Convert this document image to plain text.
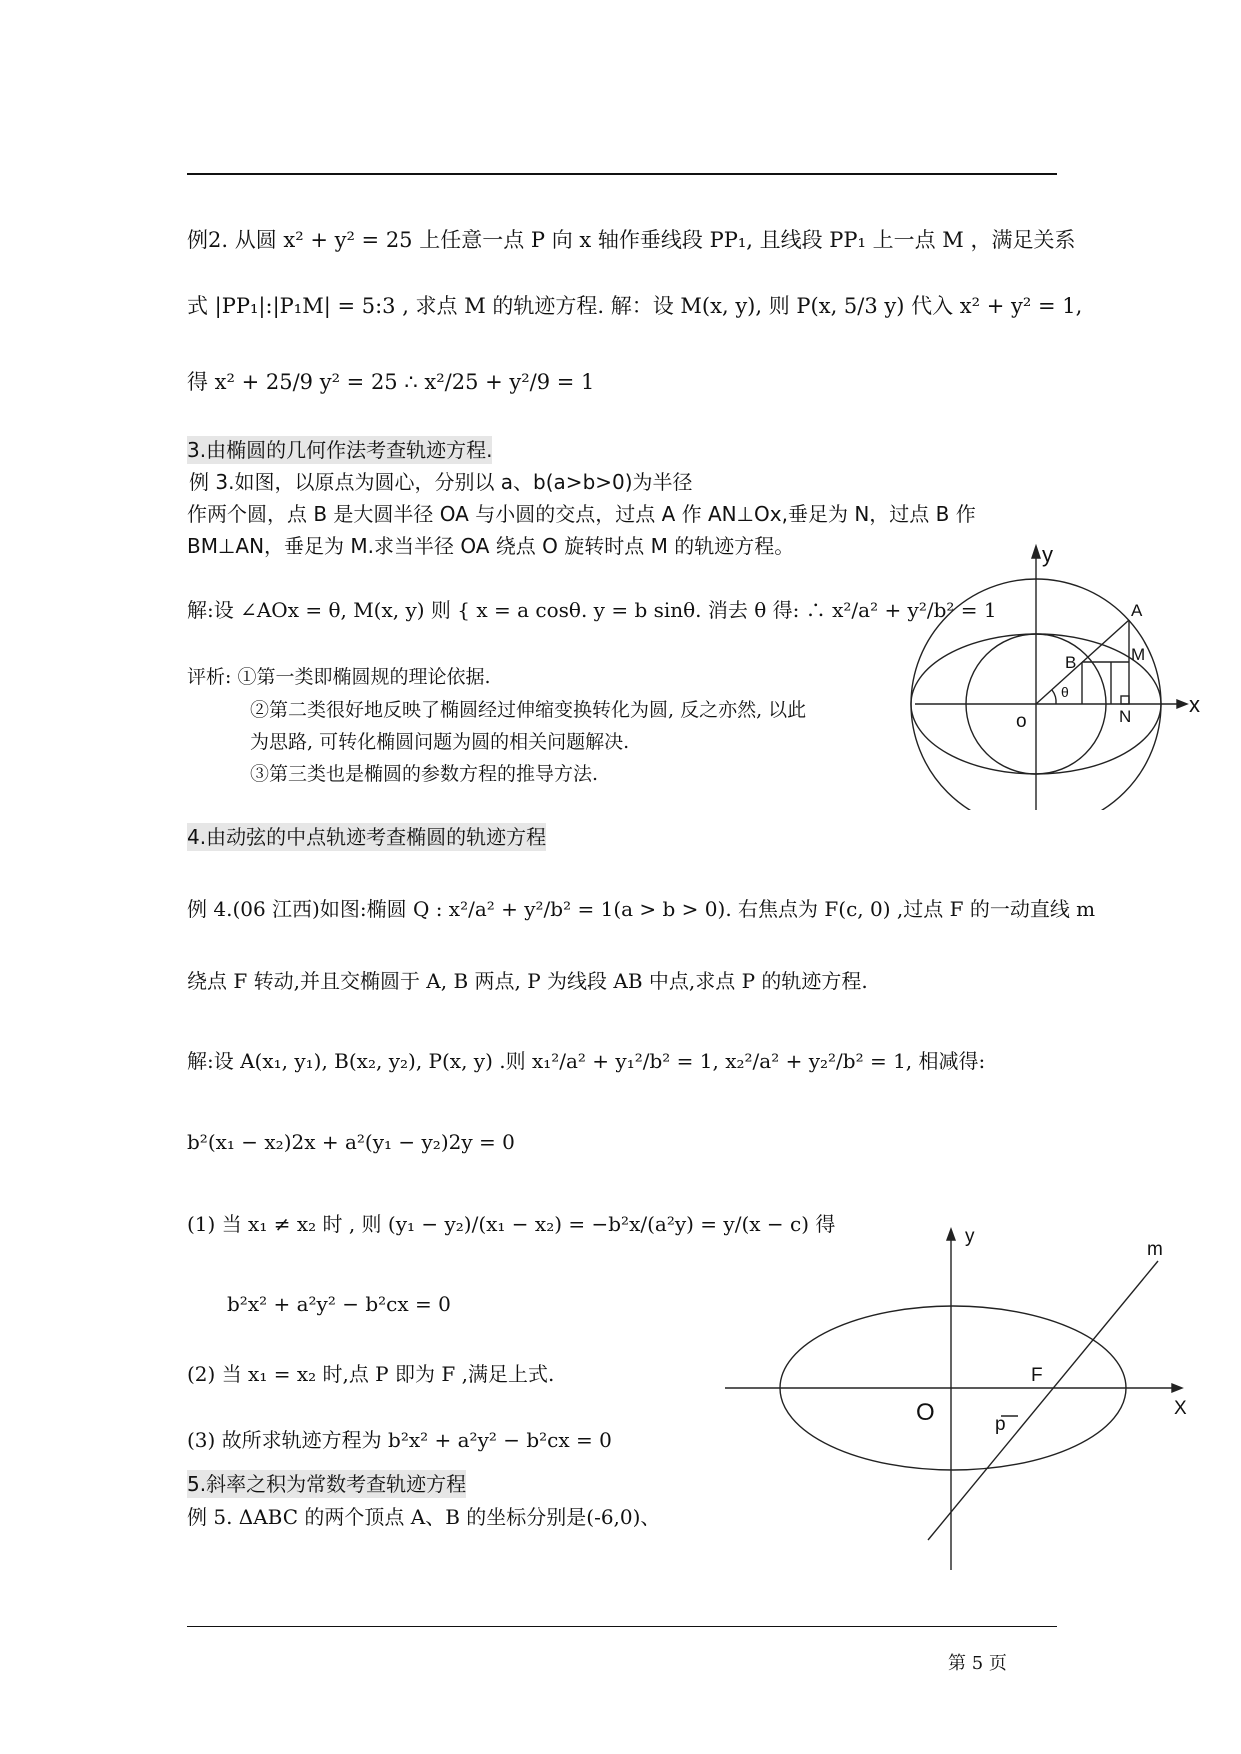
例2. 从圆 x² + y² = 25 上任意一点 P 向 x 轴作垂线段 PP₁, 且线段 PP₁ 上一点 M ，满足关系
式 |PP₁|:|P₁M| = 5:3 , 求点 M 的轨迹方程. 解：设 M(x, y), 则 P(x, 5/3 y) 代入 x² + y² = 1,
得 x² + 25/9 y² = 25 ∴ x²/25 + y²/9 = 1
3.由椭圆的几何作法考查轨迹方程.
例 3.如图，以原点为圆心，分别以 a、b(a>b>0)为半径
作两个圆，点 B 是大圆半径 OA 与小圆的交点，过点 A 作 AN⊥Ox,垂足为 N，过点 B 作
BM⊥AN，垂足为 M.求当半径 OA 绕点 O 旋转时点 M 的轨迹方程。
解:设 ∠AOx = θ, M(x, y) 则 { x = a cosθ. y = b sinθ. 消去 θ 得: ∴ x²/a² + y²/b² = 1
评析: ①第一类即椭圆规的理论依据.
②第二类很好地反映了椭圆经过伸缩变换转化为圆, 反之亦然, 以此
为思路, 可转化椭圆问题为圆的相关问题解决.
③第三类也是椭圆的参数方程的推导方法.
y
x
A
M
B
θ
o	N
4.由动弦的中点轨迹考查椭圆的轨迹方程
例 4.(06 江西)如图:椭圆 Q : x²/a² + y²/b² = 1(a > b > 0). 右焦点为 F(c, 0) ,过点 F 的一动直线 m
绕点 F 转动,并且交椭圆于 A, B 两点, P 为线段 AB 中点,求点 P 的轨迹方程.
解:设 A(x₁, y₁), B(x₂, y₂), P(x, y) .则 x₁²/a² + y₁²/b² = 1, x₂²/a² + y₂²/b² = 1, 相减得:
b²(x₁ − x₂)2x + a²(y₁ − y₂)2y = 0
(1) 当 x₁ ≠ x₂ 时 , 则 (y₁ − y₂)/(x₁ − x₂) = −b²x/(a²y) = y/(x − c) 得
b²x² + a²y² − b²cx = 0
(2) 当 x₁ = x₂ 时,点 P 即为 F ,满足上式.
(3) 故所求轨迹方程为 b²x² + a²y² − b²cx = 0
5.斜率之积为常数考查轨迹方程
例 5. ΔABC 的两个顶点 A、B 的坐标分别是(-6,0)、
y
X
m
F
O	p
第 5 页
